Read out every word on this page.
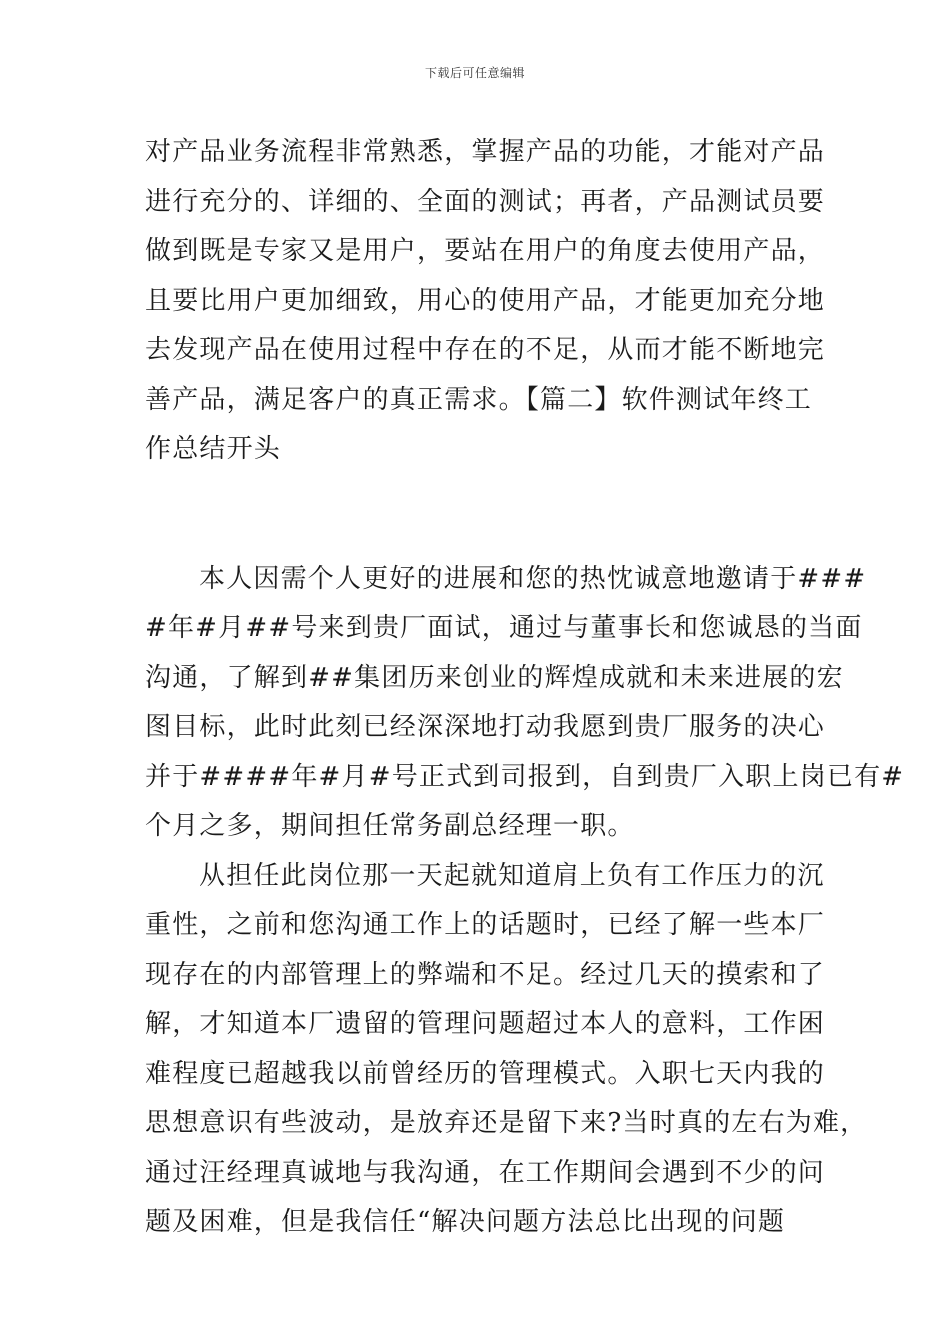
下载后可任意编辑
对产品业务流程非常熟悉，掌握产品的功能，才能对产品
进行充分的、详细的、全面的测试；再者，产品测试员要
做到既是专家又是用户，要站在用户的角度去使用产品，
且要比用户更加细致，用心的使用产品，才能更加充分地
去发现产品在使用过程中存在的不足，从而才能不断地完
善产品，满足客户的真正需求。【篇二】软件测试年终工
作总结开头
本人因需个人更好的进展和您的热忱诚意地邀请于###
#年#月##号来到贵厂面试，通过与董事长和您诚恳的当面
沟通，了解到##集团历来创业的辉煌成就和未来进展的宏
图目标，此时此刻已经深深地打动我愿到贵厂服务的决心
并于####年#月#号正式到司报到，自到贵厂入职上岗已有#
个月之多，期间担任常务副总经理一职。
从担任此岗位那一天起就知道肩上负有工作压力的沉
重性，之前和您沟通工作上的话题时，已经了解一些本厂
现存在的内部管理上的弊端和不足。经过几天的摸索和了
解，才知道本厂遗留的管理问题超过本人的意料，工作困
难程度已超越我以前曾经历的管理模式。入职七天内我的
思想意识有些波动，是放弃还是留下来?当时真的左右为难，
通过汪经理真诚地与我沟通，在工作期间会遇到不少的问
题及困难，但是我信任“解决问题方法总比出现的问题
